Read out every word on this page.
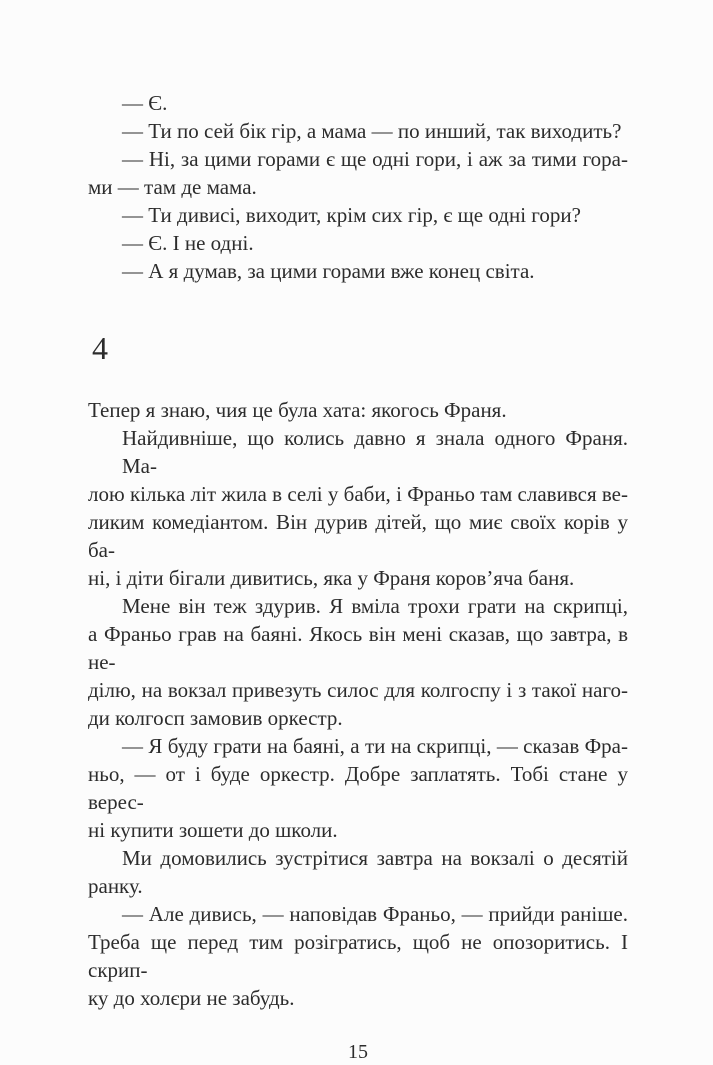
— Є.
— Ти по сей бік гір, а мама — по инший, так виходить?
— Ні, за цими горами є ще одні гори, і аж за тими гора-
ми — там де мама.
— Ти дивисі, виходит, крім сих гір, є ще одні гори?
— Є. І не одні.
— А я думав, за цими горами вже конец світа.
4
Тепер я знаю, чия це була хата: якогось Франя.
Найдивніше, що колись давно я знала одного Франя. Ма-
лою кілька літ жила в селі у баби, і Франьо там славився ве-
ликим комедіантом. Він дурив дітей, що миє своїх корів у ба-
ні, і діти бігали дивитись, яка у Франя коров’яча баня.
Мене він теж здурив. Я вміла трохи грати на скрипці,
а Франьо грав на баяні. Якось він мені сказав, що завтра, в не-
ділю, на вокзал привезуть силос для колгоспу і з такої наго-
ди колгосп замовив оркестр.
— Я буду грати на баяні, а ти на скрипці, — сказав Фра-
ньо, — от і буде оркестр. Добре заплатять. Тобі стане у верес-
ні купити зошети до школи.
Ми домовились зустрітися завтра на вокзалі о десятій
ранку.
— Але дивись, — наповідав Франьо, — прийди раніше.
Треба ще перед тим розігратись, щоб не опозоритись. І скрип-
ку до холєри не забудь.
15
